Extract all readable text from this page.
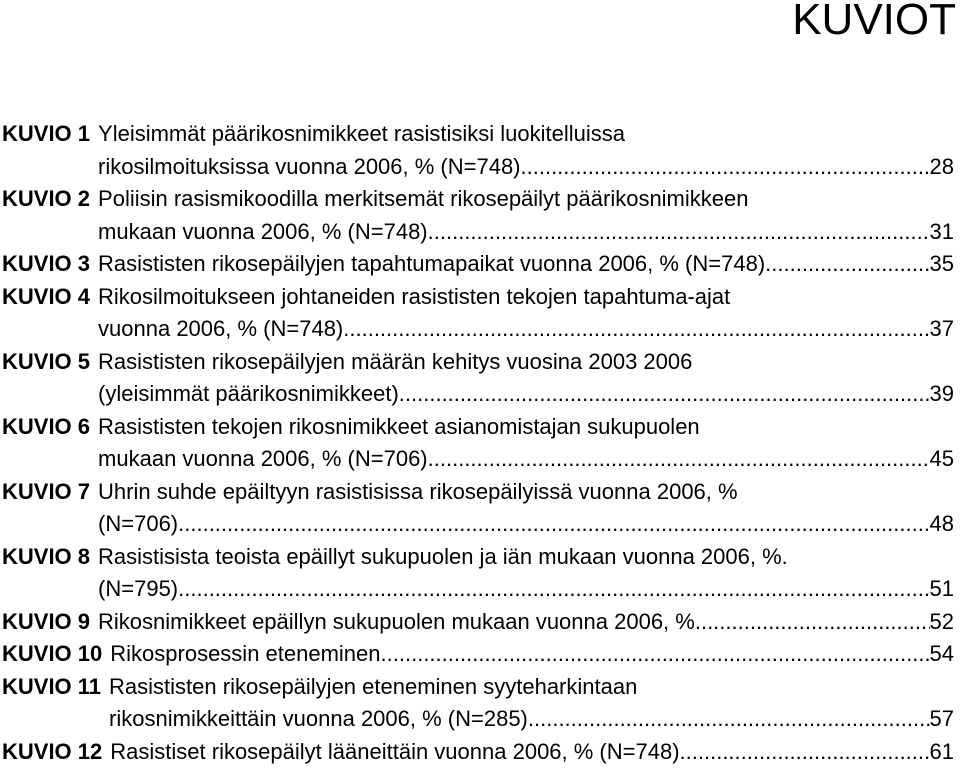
KUVIOT
KUVIO 1 Yleisimmät päärikosnimikkeet rasistisiksi luokitelluissa
rikosilmoituksissa vuonna 2006, % (N=748). .....	28
KUVIO 2 Poliisin rasismikoodilla merkitsemät rikosepäilyt päärikosnimikkeen
mukaan vuonna 2006, % (N=748). .....	31
KUVIO 3 Rasististen rikosepäilyjen tapahtumapaikat vuonna 2006, % (N=748). .....	35
KUVIO 4 Rikosilmoitukseen johtaneiden rasististen tekojen tapahtuma-ajat
vuonna 2006, % (N=748). .....	37
KUVIO 5 Rasististen rikosepäilyjen määrän kehitys vuosina 2003 2006
(yleisimmät päärikosnimikkeet). .....	39
KUVIO 6 Rasististen tekojen rikosnimikkeet asianomistajan sukupuolen
mukaan vuonna 2006, % (N=706). .....	45
KUVIO 7 Uhrin suhde epäiltyyn rasistisissa rikosepäilyissä vuonna 2006, %
(N=706). .....	48
KUVIO 8 Rasistisista teoista epäillyt sukupuolen ja iän mukaan vuonna 2006, %.
(N=795). .....	51
KUVIO 9 Rikosnimikkeet epäillyn sukupuolen mukaan vuonna 2006, %. .....	52
KUVIO 10 Rikosprosessin eteneminen .....	54
KUVIO 11 Rasististen rikosepäilyjen eteneminen syyteharkintaan
rikosnimikkeittäin vuonna 2006, % (N=285). .....	57
KUVIO 12 Rasistiset rikosepäilyt lääneittäin vuonna 2006, % (N=748). .....	61
